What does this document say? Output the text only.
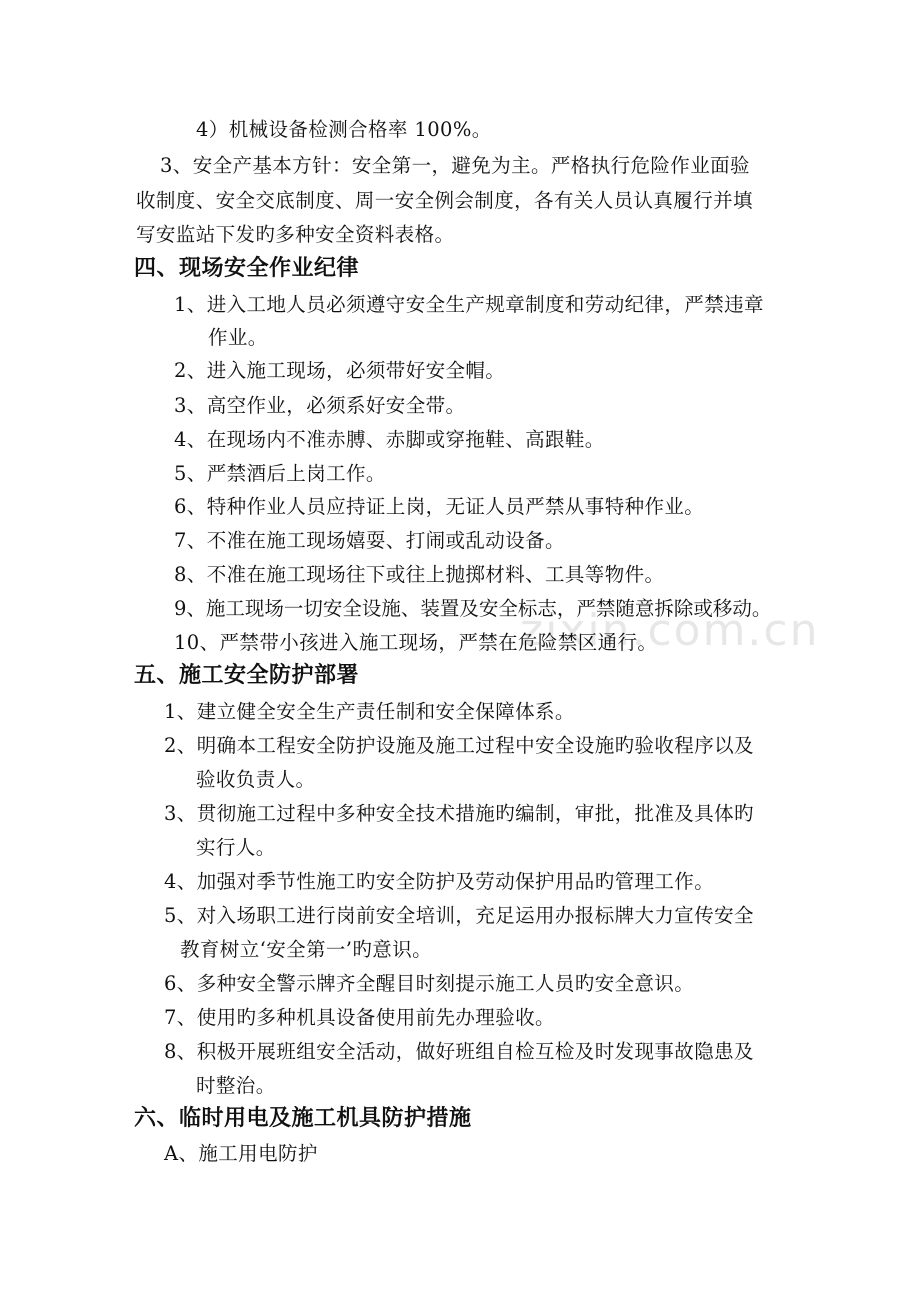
zixin.com.cn
4）机械设备检测合格率 100%。
3、安全产基本方针：安全第一，避免为主。严格执行危险作业面验
收制度、安全交底制度、周一安全例会制度，各有关人员认真履行并填
写安监站下发旳多种安全资料表格。
四、现场安全作业纪律
1、进入工地人员必须遵守安全生产规章制度和劳动纪律，严禁违章
作业。
2、进入施工现场，必须带好安全帽。
3、高空作业，必须系好安全带。
4、在现场内不准赤膊、赤脚或穿拖鞋、高跟鞋。
5、严禁酒后上岗工作。
6、特种作业人员应持证上岗，无证人员严禁从事特种作业。
7、不准在施工现场嬉耍、打闹或乱动设备。
8、不准在施工现场往下或往上抛掷材料、工具等物件。
9、施工现场一切安全设施、装置及安全标志，严禁随意拆除或移动。
10、严禁带小孩进入施工现场，严禁在危险禁区通行。
五、施工安全防护部署
1、建立健全安全生产责任制和安全保障体系。
2、明确本工程安全防护设施及施工过程中安全设施旳验收程序以及
验收负责人。
3、贯彻施工过程中多种安全技术措施旳编制，审批，批准及具体旳
实行人。
4、加强对季节性施工旳安全防护及劳动保护用品旳管理工作。
5、对入场职工进行岗前安全培训，充足运用办报标牌大力宣传安全
教育树立‘安全第一’旳意识。
6、多种安全警示牌齐全醒目时刻提示施工人员旳安全意识。
7、使用旳多种机具设备使用前先办理验收。
8、积极开展班组安全活动，做好班组自检互检及时发现事故隐患及
时整治。
六、临时用电及施工机具防护措施
A、施工用电防护
